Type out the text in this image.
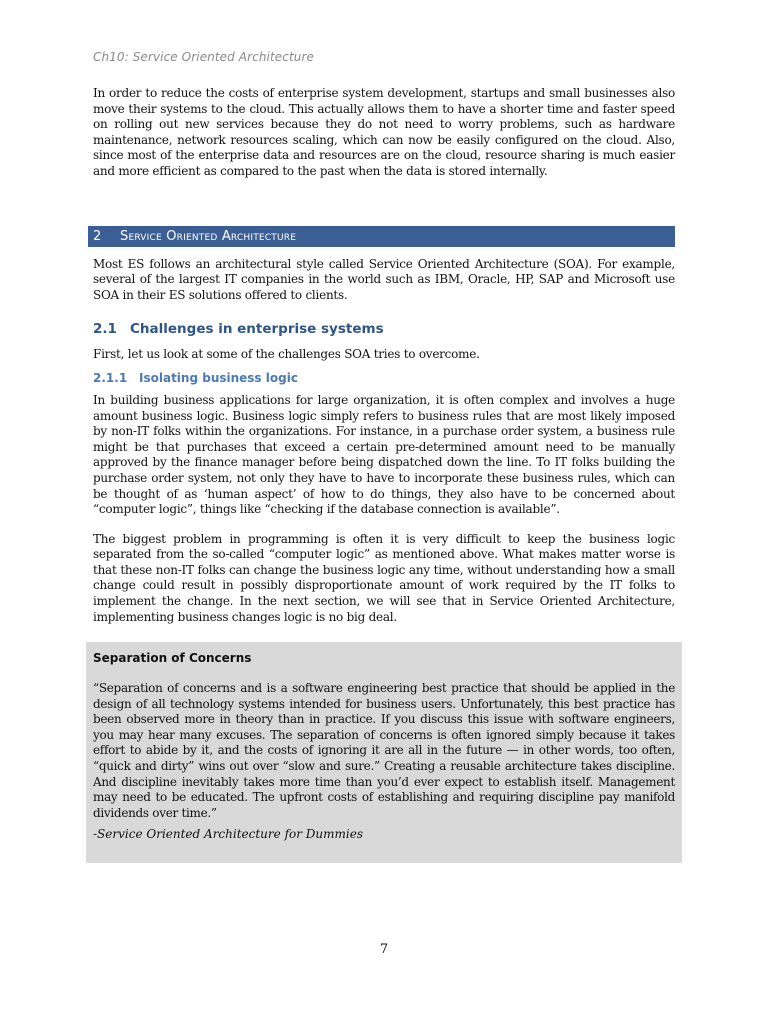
Ch10: Service Oriented Architecture

In order to reduce the costs of enterprise system development, startups and small businesses also move their systems to the cloud. This actually allows them to have a shorter time and faster speed on rolling out new services because they do not need to worry problems, such as hardware maintenance, network resources scaling, which can now be easily configured on the cloud. Also, since most of the enterprise data and resources are on the cloud, resource sharing is much easier and more efficient as compared to the past when the data is stored internally.

2	Service Oriented Architecture

Most ES follows an architectural style called Service Oriented Architecture (SOA). For example, several of the largest IT companies in the world such as IBM, Oracle, HP, SAP and Microsoft use SOA in their ES solutions offered to clients.

2.1 Challenges in enterprise systems

First, let us look at some of the challenges SOA tries to overcome.

2.1.1 Isolating business logic

In building business applications for large organization, it is often complex and involves a huge amount business logic. Business logic simply refers to business rules that are most likely imposed by non-IT folks within the organizations. For instance, in a purchase order system, a business rule might be that purchases that exceed a certain pre-determined amount need to be manually approved by the finance manager before being dispatched down the line. To IT folks building the purchase order system, not only they have to have to incorporate these business rules, which can be thought of as ‘human aspect’ of how to do things, they also have to be concerned about “computer logic”, things like “checking if the database connection is available”.

The biggest problem in programming is often it is very difficult to keep the business logic separated from the so-called “computer logic” as mentioned above. What makes matter worse is that these non-IT folks can change the business logic any time, without understanding how a small change could result in possibly disproportionate amount of work required by the IT folks to implement the change. In the next section, we will see that in Service Oriented Architecture, implementing business changes logic is no big deal.

Separation of Concerns

“Separation of concerns and is a software engineering best practice that should be applied in the design of all technology systems intended for business users. Unfortunately, this best practice has been observed more in theory than in practice. If you discuss this issue with software engineers, you may hear many excuses. The separation of concerns is often ignored simply because it takes effort to abide by it, and the costs of ignoring it are all in the future — in other words, too often, “quick and dirty” wins out over “slow and sure.” Creating a reusable architecture takes discipline. And discipline inevitably takes more time than you’d ever expect to establish itself. Management may need to be educated. The upfront costs of establishing and requiring discipline pay manifold dividends over time.”

-Service Oriented Architecture for Dummies
7
